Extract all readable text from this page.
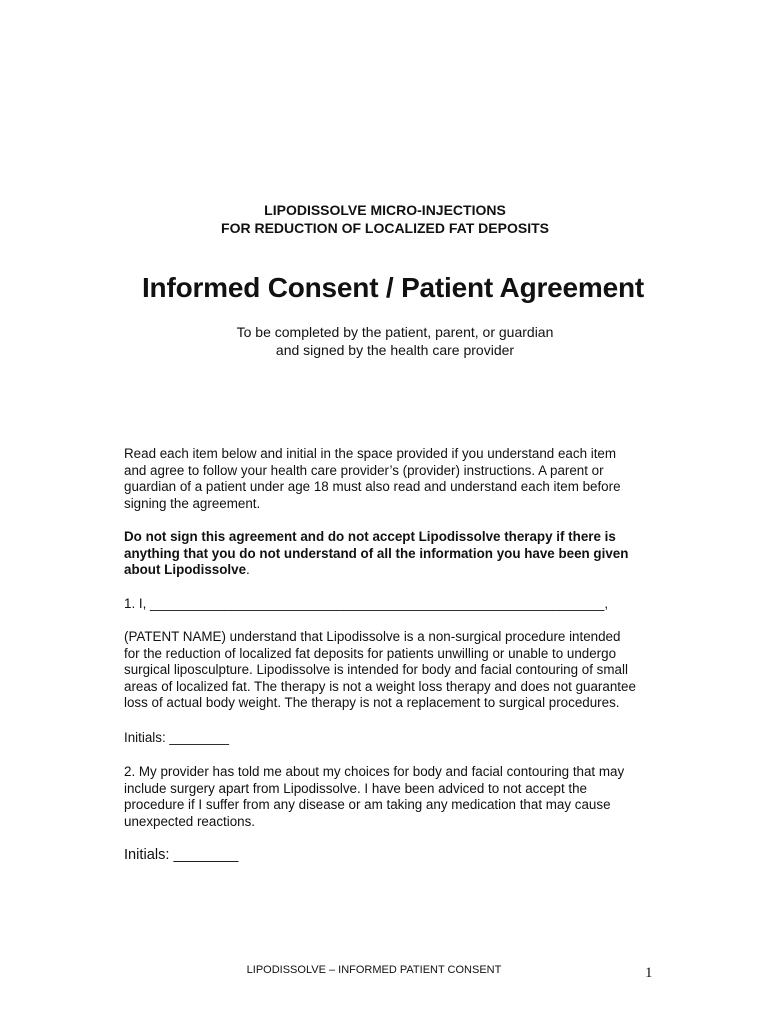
LIPODISSOLVE MICRO-INJECTIONS
FOR REDUCTION OF LOCALIZED FAT DEPOSITS
Informed Consent / Patient Agreement
To be completed by the patient, parent, or guardian
and signed by the health care provider
Read each item below and initial in the space provided if you understand each item
and agree to follow your health care provider’s (provider) instructions. A parent or
guardian of a patient under age 18 must also read and understand each item before
signing the agreement.
Do not sign this agreement and do not accept Lipodissolve therapy if there is
anything that you do not understand of all the information you have been given
about Lipodissolve.
1. I, _____________________________________________________________,
(PATENT NAME) understand that Lipodissolve is a non-surgical procedure intended
for the reduction of localized fat deposits for patients unwilling or unable to undergo
surgical liposculpture. Lipodissolve is intended for body and facial contouring of small
areas of localized fat. The therapy is not a weight loss therapy and does not guarantee
loss of actual body weight. The therapy is not a replacement to surgical procedures.
Initials: ________
2. My provider has told me about my choices for body and facial contouring that may
include surgery apart from Lipodissolve. I have been adviced to not accept the
procedure if I suffer from any disease or am taking any medication that may cause
unexpected reactions.
Initials: ________
LIPODISSOLVE – INFORMED PATIENT CONSENT	1
